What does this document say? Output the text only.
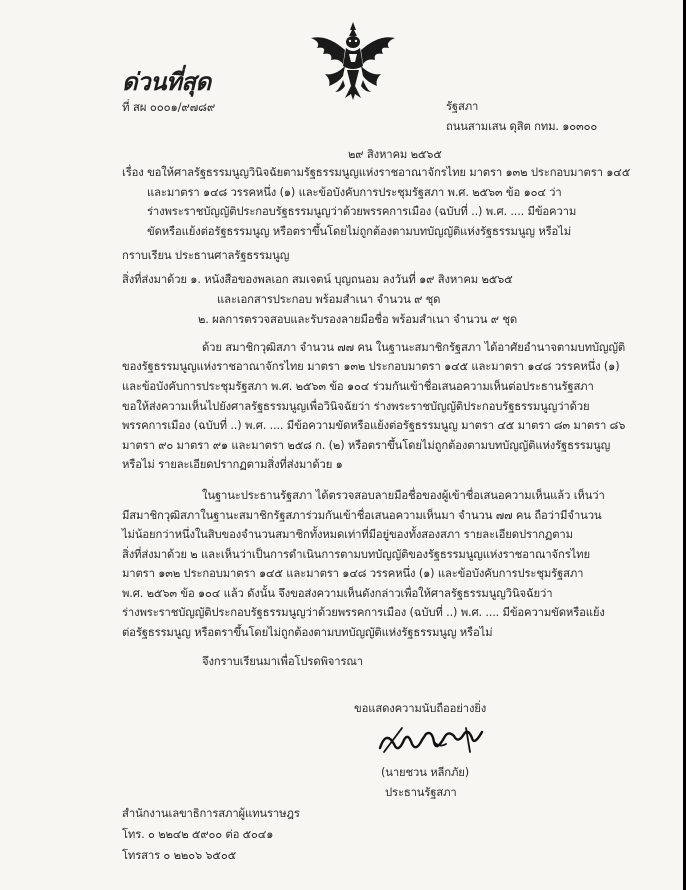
ด่วนที่สุด
ที่ สผ ๐๐๐๑/๙๗๘๙	รัฐสภา
ถนนสามเสน ดุสิต กทม. ๑๐๓๐๐
๒๙ สิงหาคม ๒๕๖๕
เรื่อง ขอให้ศาลรัฐธรรมนูญวินิจฉัยตามรัฐธรรมนูญแห่งราชอาณาจักรไทย มาตรา ๑๓๒ ประกอบมาตรา ๑๔๕
และมาตรา ๑๔๘ วรรคหนึ่ง (๑) และข้อบังคับการประชุมรัฐสภา พ.ศ. ๒๕๖๓ ข้อ ๑๐๔ ว่า
ร่างพระราชบัญญัติประกอบรัฐธรรมนูญว่าด้วยพรรคการเมือง (ฉบับที่ ..) พ.ศ. .... มีข้อความ
ขัดหรือแย้งต่อรัฐธรรมนูญ หรือตราขึ้นโดยไม่ถูกต้องตามบทบัญญัติแห่งรัฐธรรมนูญ หรือไม่
กราบเรียน ประธานศาลรัฐธรรมนูญ
สิ่งที่ส่งมาด้วย ๑. หนังสือของพลเอก สมเจตน์ บุญถนอม ลงวันที่ ๑๙ สิงหาคม ๒๕๖๕
และเอกสารประกอบ พร้อมสำเนา จำนวน ๙ ชุด
๒. ผลการตรวจสอบและรับรองลายมือชื่อ พร้อมสำเนา จำนวน ๙ ชุด
ด้วย สมาชิกวุฒิสภา จำนวน ๗๗ คน ในฐานะสมาชิกรัฐสภา ได้อาศัยอำนาจตามบทบัญญัติ
ของรัฐธรรมนูญแห่งราชอาณาจักรไทย มาตรา ๑๓๒ ประกอบมาตรา ๑๔๕ และมาตรา ๑๔๘ วรรคหนึ่ง (๑)
และข้อบังคับการประชุมรัฐสภา พ.ศ. ๒๕๖๓ ข้อ ๑๐๔ ร่วมกันเข้าชื่อเสนอความเห็นต่อประธานรัฐสภา
ขอให้ส่งความเห็นไปยังศาลรัฐธรรมนูญเพื่อวินิจฉัยว่า ร่างพระราชบัญญัติประกอบรัฐธรรมนูญว่าด้วย
พรรคการเมือง (ฉบับที่ ..) พ.ศ. .... มีข้อความขัดหรือแย้งต่อรัฐธรรมนูญ มาตรา ๔๕ มาตรา ๘๓ มาตรา ๘๖
มาตรา ๙๐ มาตรา ๙๑ และมาตรา ๒๕๘ ก. (๒) หรือตราขึ้นโดยไม่ถูกต้องตามบทบัญญัติแห่งรัฐธรรมนูญ
หรือไม่ รายละเอียดปรากฏตามสิ่งที่ส่งมาด้วย ๑
ในฐานะประธานรัฐสภา ได้ตรวจสอบลายมือชื่อของผู้เข้าชื่อเสนอความเห็นแล้ว เห็นว่า
มีสมาชิกวุฒิสภาในฐานะสมาชิกรัฐสภาร่วมกันเข้าชื่อเสนอความเห็นมา จำนวน ๗๗ คน ถือว่ามีจำนวน
ไม่น้อยกว่าหนึ่งในสิบของจำนวนสมาชิกทั้งหมดเท่าที่มีอยู่ของทั้งสองสภา รายละเอียดปรากฏตาม
สิ่งที่ส่งมาด้วย ๒ และเห็นว่าเป็นการดำเนินการตามบทบัญญัติของรัฐธรรมนูญแห่งราชอาณาจักรไทย
มาตรา ๑๓๒ ประกอบมาตรา ๑๔๕ และมาตรา ๑๔๘ วรรคหนึ่ง (๑) และข้อบังคับการประชุมรัฐสภา
พ.ศ. ๒๕๖๓ ข้อ ๑๐๔ แล้ว ดังนั้น จึงขอส่งความเห็นดังกล่าวเพื่อให้ศาลรัฐธรรมนูญวินิจฉัยว่า
ร่างพระราชบัญญัติประกอบรัฐธรรมนูญว่าด้วยพรรคการเมือง (ฉบับที่ ..) พ.ศ. .... มีข้อความขัดหรือแย้ง
ต่อรัฐธรรมนูญ หรือตราขึ้นโดยไม่ถูกต้องตามบทบัญญัติแห่งรัฐธรรมนูญ หรือไม่
จึงกราบเรียนมาเพื่อโปรดพิจารณา
ขอแสดงความนับถืออย่างยิ่ง
(นายชวน หลีกภัย)
ประธานรัฐสภา
สำนักงานเลขาธิการสภาผู้แทนราษฎร
โทร. ๐ ๒๒๔๒ ๕๙๐๐ ต่อ ๕๐๔๑
โทรสาร ๐ ๒๒๐๖ ๖๕๐๕
